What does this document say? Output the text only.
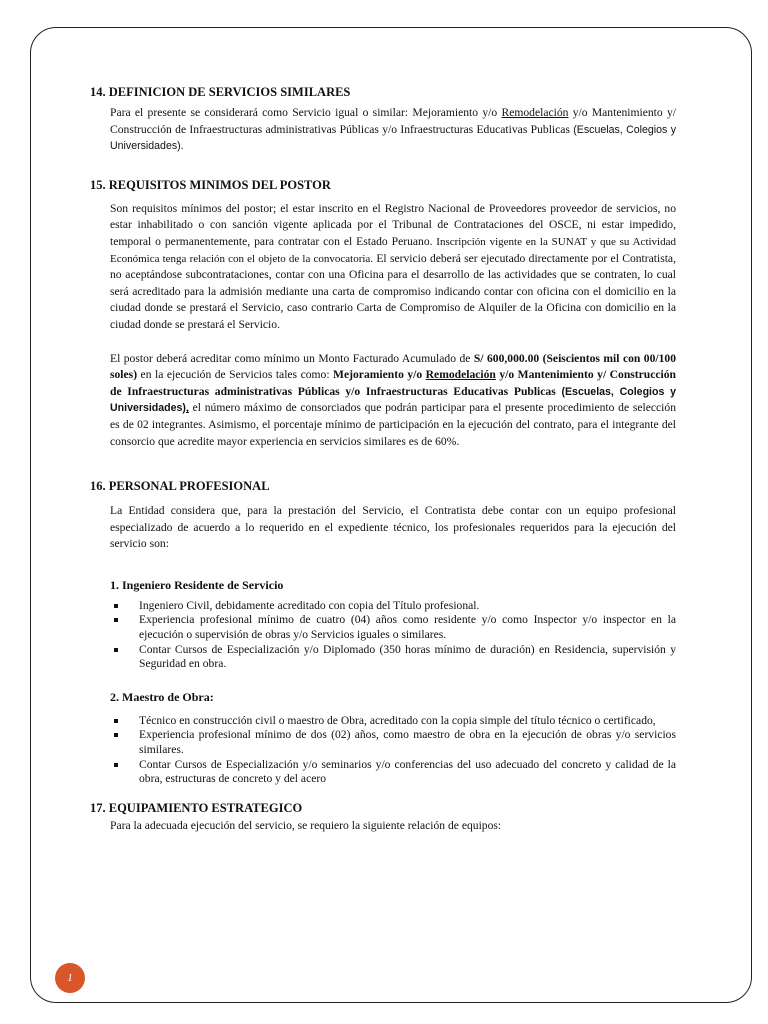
14. DEFINICION DE SERVICIOS SIMILARES

Para el presente se considerará como Servicio igual o similar: Mejoramiento y/o Remodelación y/o Mantenimiento y/ Construcción de Infraestructuras administrativas Públicas y/o Infraestructuras Educativas Publicas (Escuelas, Colegios y Universidades).

15. REQUISITOS MINIMOS DEL POSTOR

Son requisitos mínimos del postor; el estar inscrito en el Registro Nacional de Proveedores proveedor de servicios, no estar inhabilitado o con sanción vigente aplicada por el Tribunal de Contrataciones del OSCE, ni estar impedido, temporal o permanentemente, para contratar con el Estado Peruano. Inscripción vigente en la SUNAT y que su Actividad Económica tenga relación con el objeto de la convocatoria. El servicio deberá ser ejecutado directamente por el Contratista, no aceptándose subcontrataciones, contar con una Oficina para el desarrollo de las actividades que se contraten, lo cual será acreditado para la admisión mediante una carta de compromiso indicando contar con oficina con el domicilio en la ciudad donde se prestará el Servicio, caso contrario Carta de Compromiso de Alquiler de la Oficina con domicilio en la ciudad donde se prestará el Servicio.

El postor deberá acreditar como mínimo un Monto Facturado Acumulado de S/ 600,000.00 (Seiscientos mil con 00/100 soles) en la ejecución de Servicios tales como: Mejoramiento y/o Remodelación y/o Mantenimiento y/ Construcción de Infraestructuras administrativas Públicas y/o Infraestructuras Educativas Publicas (Escuelas, Colegios y Universidades), el número máximo de consorciados que podrán participar para el presente procedimiento de selección es de 02 integrantes. Asimismo, el porcentaje mínimo de participación en la ejecución del contrato, para el integrante del consorcio que acredite mayor experiencia en servicios similares es de 60%.

16. PERSONAL PROFESIONAL

La Entidad considera que, para la prestación del Servicio, el Contratista debe contar con un equipo profesional especializado de acuerdo a lo requerido en el expediente técnico, los profesionales requeridos para la ejecución del servicio son:

1. Ingeniero Residente de Servicio

Ingeniero Civil, debidamente acreditado con copia del Título profesional.
Experiencia profesional mínimo de cuatro (04) años como residente y/o como Inspector y/o inspector en la ejecución o supervisión de obras y/o Servicios iguales o similares.
Contar Cursos de Especialización y/o Diplomado (350 horas mínimo de duración) en Residencia, supervisión y Seguridad en obra.

2. Maestro de Obra:

Técnico en construcción civil o maestro de Obra, acreditado con la copia simple del título técnico o certificado,
Experiencia profesional mínimo de dos (02) años, como maestro de obra en la ejecución de obras y/o servicios similares.
Contar Cursos de Especialización y/o seminarios y/o conferencias del uso adecuado del concreto y calidad de la obra, estructuras de concreto y del acero

17. EQUIPAMIENTO ESTRATEGICO

Para la adecuada ejecución del servicio, se requiero la siguiente relación de equipos:

1
